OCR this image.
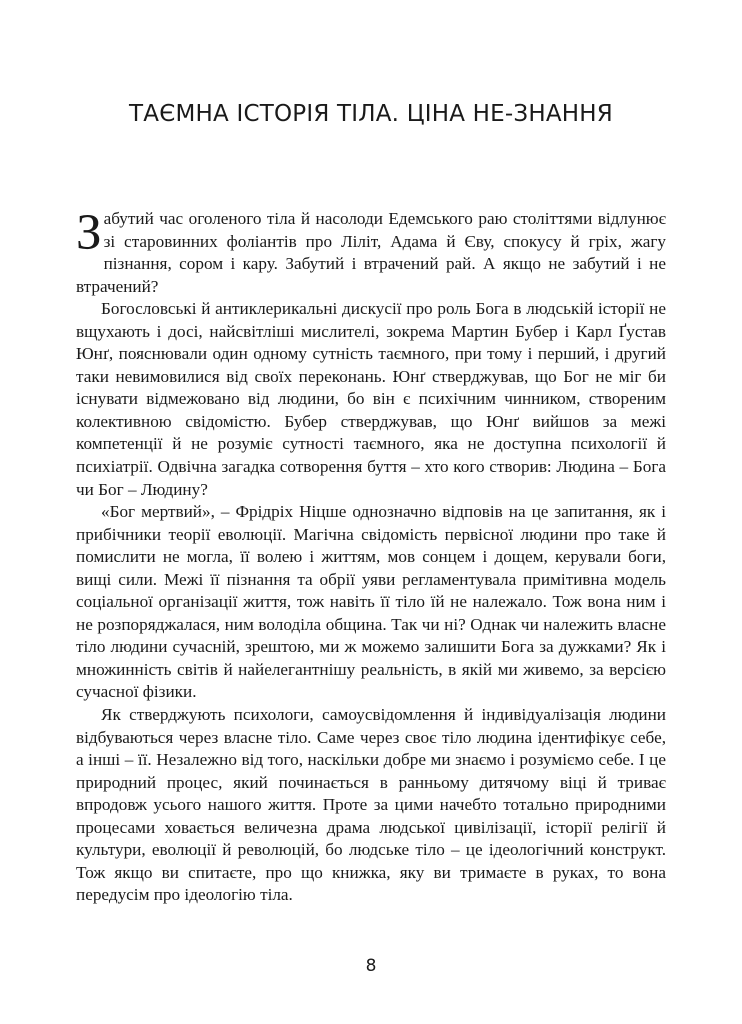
ТАЄМНА ІСТОРІЯ ТІЛА. ЦІНА НЕ-ЗНАННЯ

Забутий час оголеного тіла й насолоди Едемського раю століттями відлунює зі старовинних фоліантів про Ліліт, Адама й Єву, спокусу й гріх, жагу пізнання, сором і кару. Забутий і втрачений рай. А якщо не забутий і не втрачений?

Богословські й антиклерикальні дискусії про роль Бога в людській історії не вщухають і досі, найсвітліші мислителі, зокрема Мартин Бубер і Карл Ґустав Юнґ, пояснювали один одному сутність таємного, при тому і перший, і другий таки невимовилися від своїх переконань. Юнґ стверджував, що Бог не міг би існувати відмежовано від людини, бо він є психічним чинником, створеним колективною свідомістю. Бубер стверджував, що Юнґ вийшов за межі компетенції й не розуміє сутності таємного, яка не доступна психології й психіатрії. Одвічна загадка сотворення буття – хто кого створив: Людина – Бога чи Бог – Людину?

«Бог мертвий», – Фрідріх Ніцше однозначно відповів на це запитання, як і прибічники теорії еволюції. Магічна свідомість первісної людини про таке й помислити не могла, її волею і життям, мов сонцем і дощем, керували боги, вищі сили. Межі її пізнання та обрії уяви регламентувала примітивна модель соціальної організації життя, тож навіть її тіло їй не належало. Тож вона ним і не розпоряджалася, ним володіла община. Так чи ні? Однак чи належить власне тіло людини сучасній, зрештою, ми ж можемо залишити Бога за дужками? Як і множинність світів й найелегантнішу реальність, в якій ми живемо, за версією сучасної фізики.

Як стверджують психологи, самоусвідомлення й індивідуалізація людини відбуваються через власне тіло. Саме через своє тіло людина ідентифікує себе, а інші – її. Незалежно від того, наскільки добре ми знаємо і розуміємо себе. І це природний процес, який починається в ранньому дитячому віці й триває впродовж усього нашого життя. Проте за цими начебто тотально природними процесами ховається величезна драма людської цивілізації, історії релігії й культури, еволюції й революцій, бо людське тіло – це ідеологічний конструкт. Тож якщо ви спитаєте, про що книжка, яку ви тримаєте в руках, то вона передусім про ідеологію тіла.

8
